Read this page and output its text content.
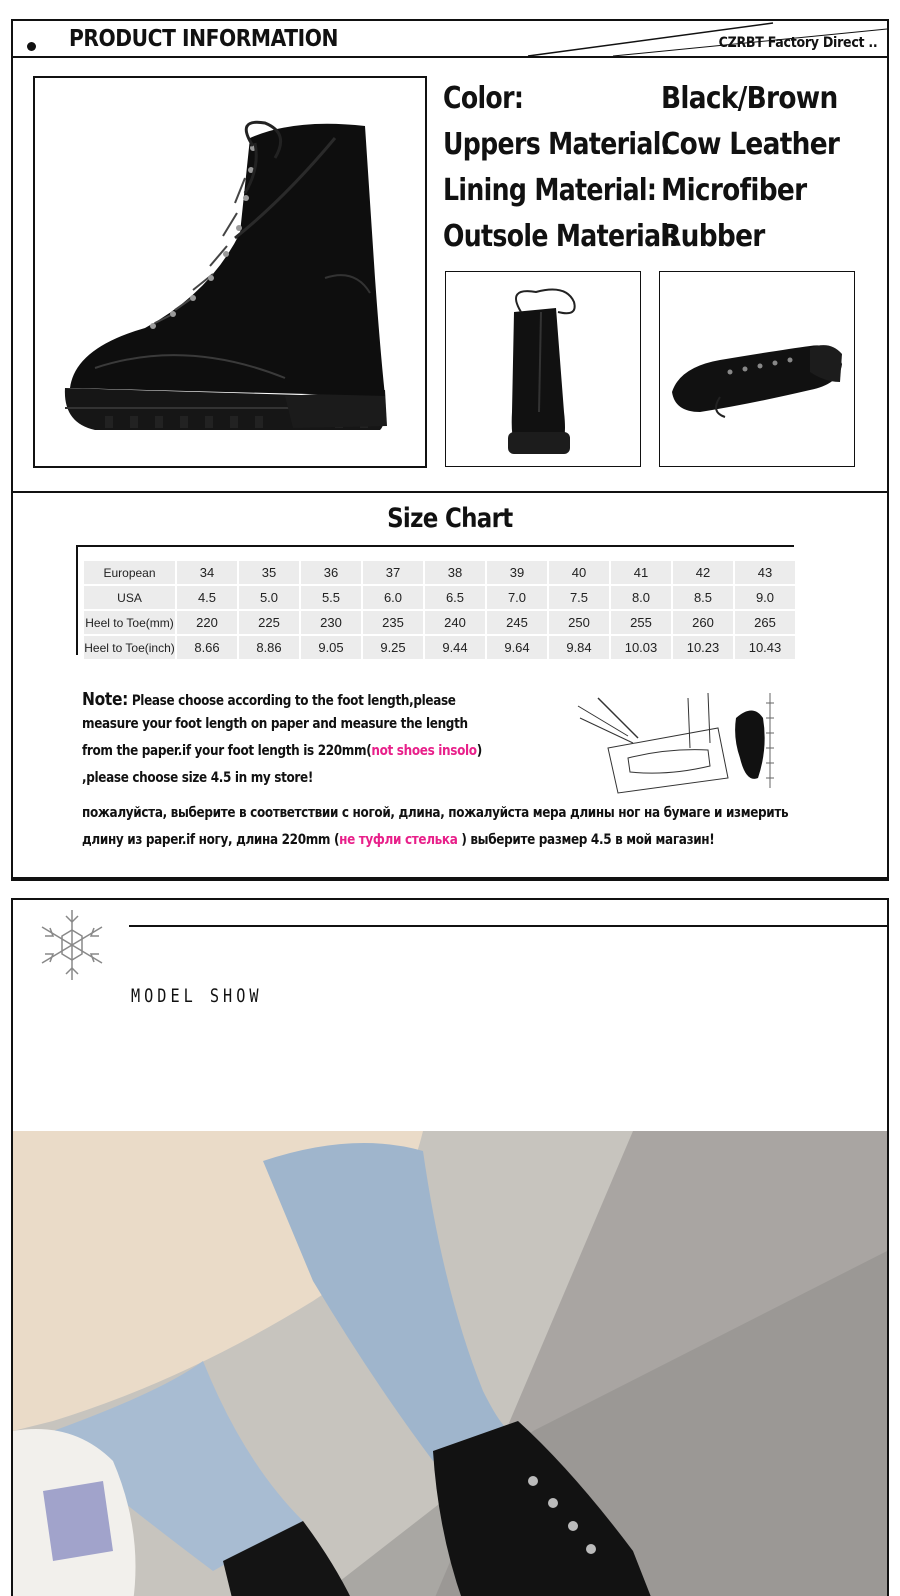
PRODUCT INFORMATION	CZRBT Factory Direct ..
Color:	Black/Brown
Uppers Material:
Cow Leather
Lining Material: Microfiber
Outsole Material:
Rubber
Size Chart
European	34	35	36	37	38	39	40	41	42	43
USA	4.5	5.0	5.5	6.0	6.5	7.0	7.5	8.0	8.5	9.0
Heel to Toe(mm)	220	225	230	235	240	245	250	255	260	265
Heel to Toe(inch)	8.66	8.86	9.05	9.25	9.44	9.64	9.84	10.03	10.23	10.43
Note: Please choose according to the foot length,please
measure your foot length on paper and measure the length
from the paper.if your foot length is 220mm(not shoes insolo)
,please choose size 4.5 in my store!
пожалуйста, выберите в соответствии с ногой, длина, пожалуйста мера длины ног на бумаге и измерить
длину из paper.if ногу, длина 220mm (не туфли стелька ) выберите размер 4.5 в мой магазин!
MODEL SHOW
